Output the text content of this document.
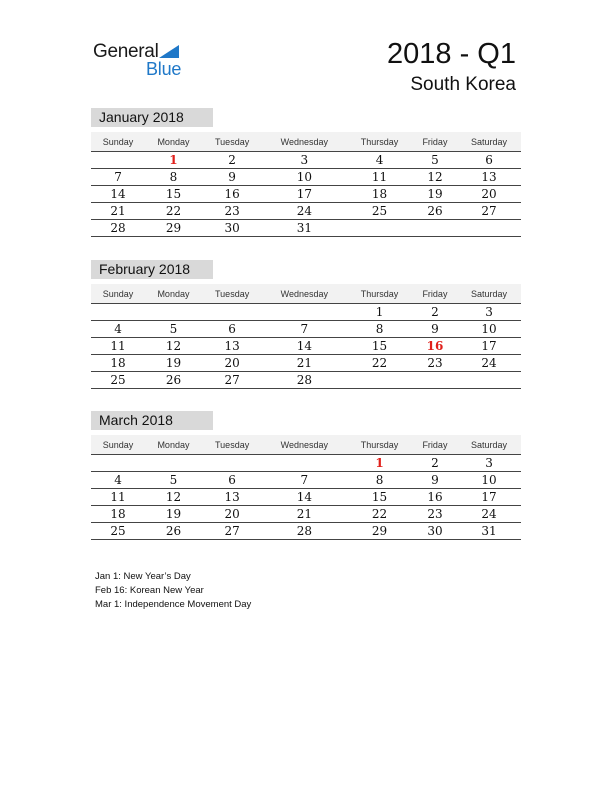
General
Blue	2018 - Q1
South Korea
January 2018
Sunday	Monday	Tuesday	Wednesday	Thursday	Friday	Saturday
	1	2	3	4	5	6
7	8	9	10	11	12	13
14	15	16	17	18	19	20
21	22	23	24	25	26	27
28	29	30	31			
February 2018
Sunday	Monday	Tuesday	Wednesday	Thursday	Friday	Saturday
				1	2	3
4	5	6	7	8	9	10
11	12	13	14	15	16	17
18	19	20	21	22	23	24
25	26	27	28			
March 2018
Sunday	Monday	Tuesday	Wednesday	Thursday	Friday	Saturday
				1	2	3
4	5	6	7	8	9	10
11	12	13	14	15	16	17
18	19	20	21	22	23	24
25	26	27	28	29	30	31
Jan 1: New Year’s Day
Feb 16: Korean New Year
Mar 1: Independence Movement Day
